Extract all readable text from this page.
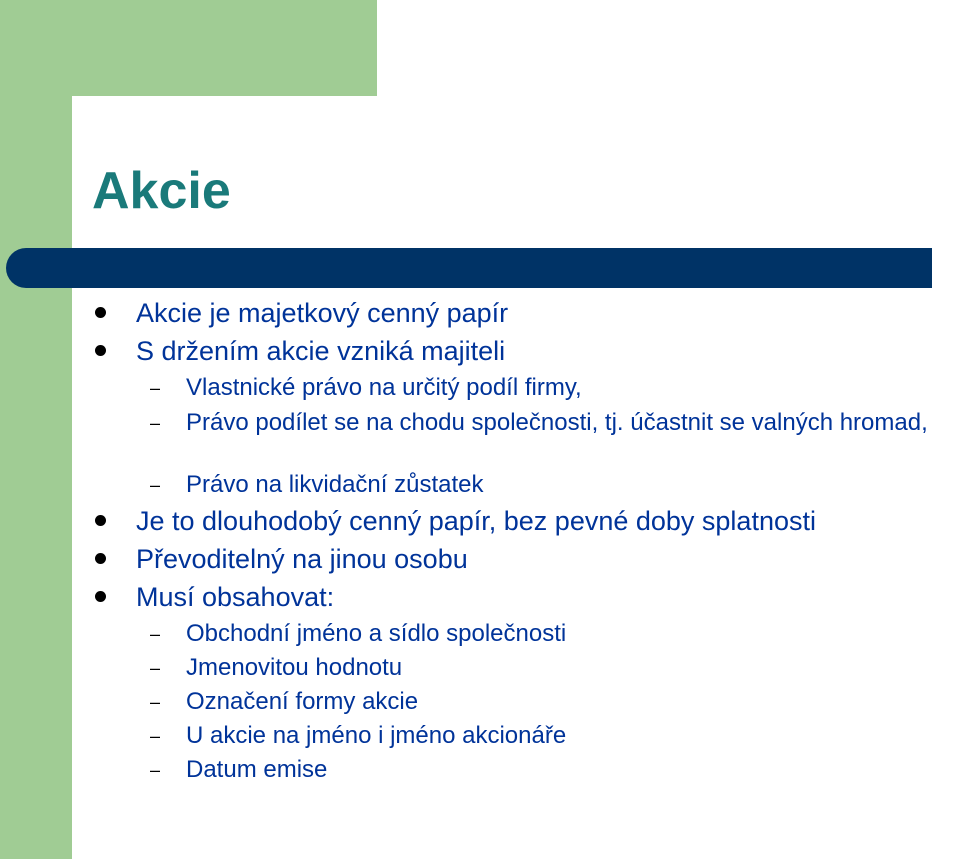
Akcie
Akcie je majetkový cenný papír
S držením akcie vzniká majiteli
– Vlastnické právo na určitý podíl firmy,
– Právo podílet se na chodu společnosti, tj. účastnit se valných hromad,
– Právo na likvidační zůstatek
Je to dlouhodobý cenný papír, bez pevné doby splatnosti
Převoditelný na jinou osobu
Musí obsahovat:
– Obchodní jméno a sídlo společnosti
– Jmenovitou hodnotu
– Označení formy akcie
– U akcie na jméno i jméno akcionáře
– Datum emise
